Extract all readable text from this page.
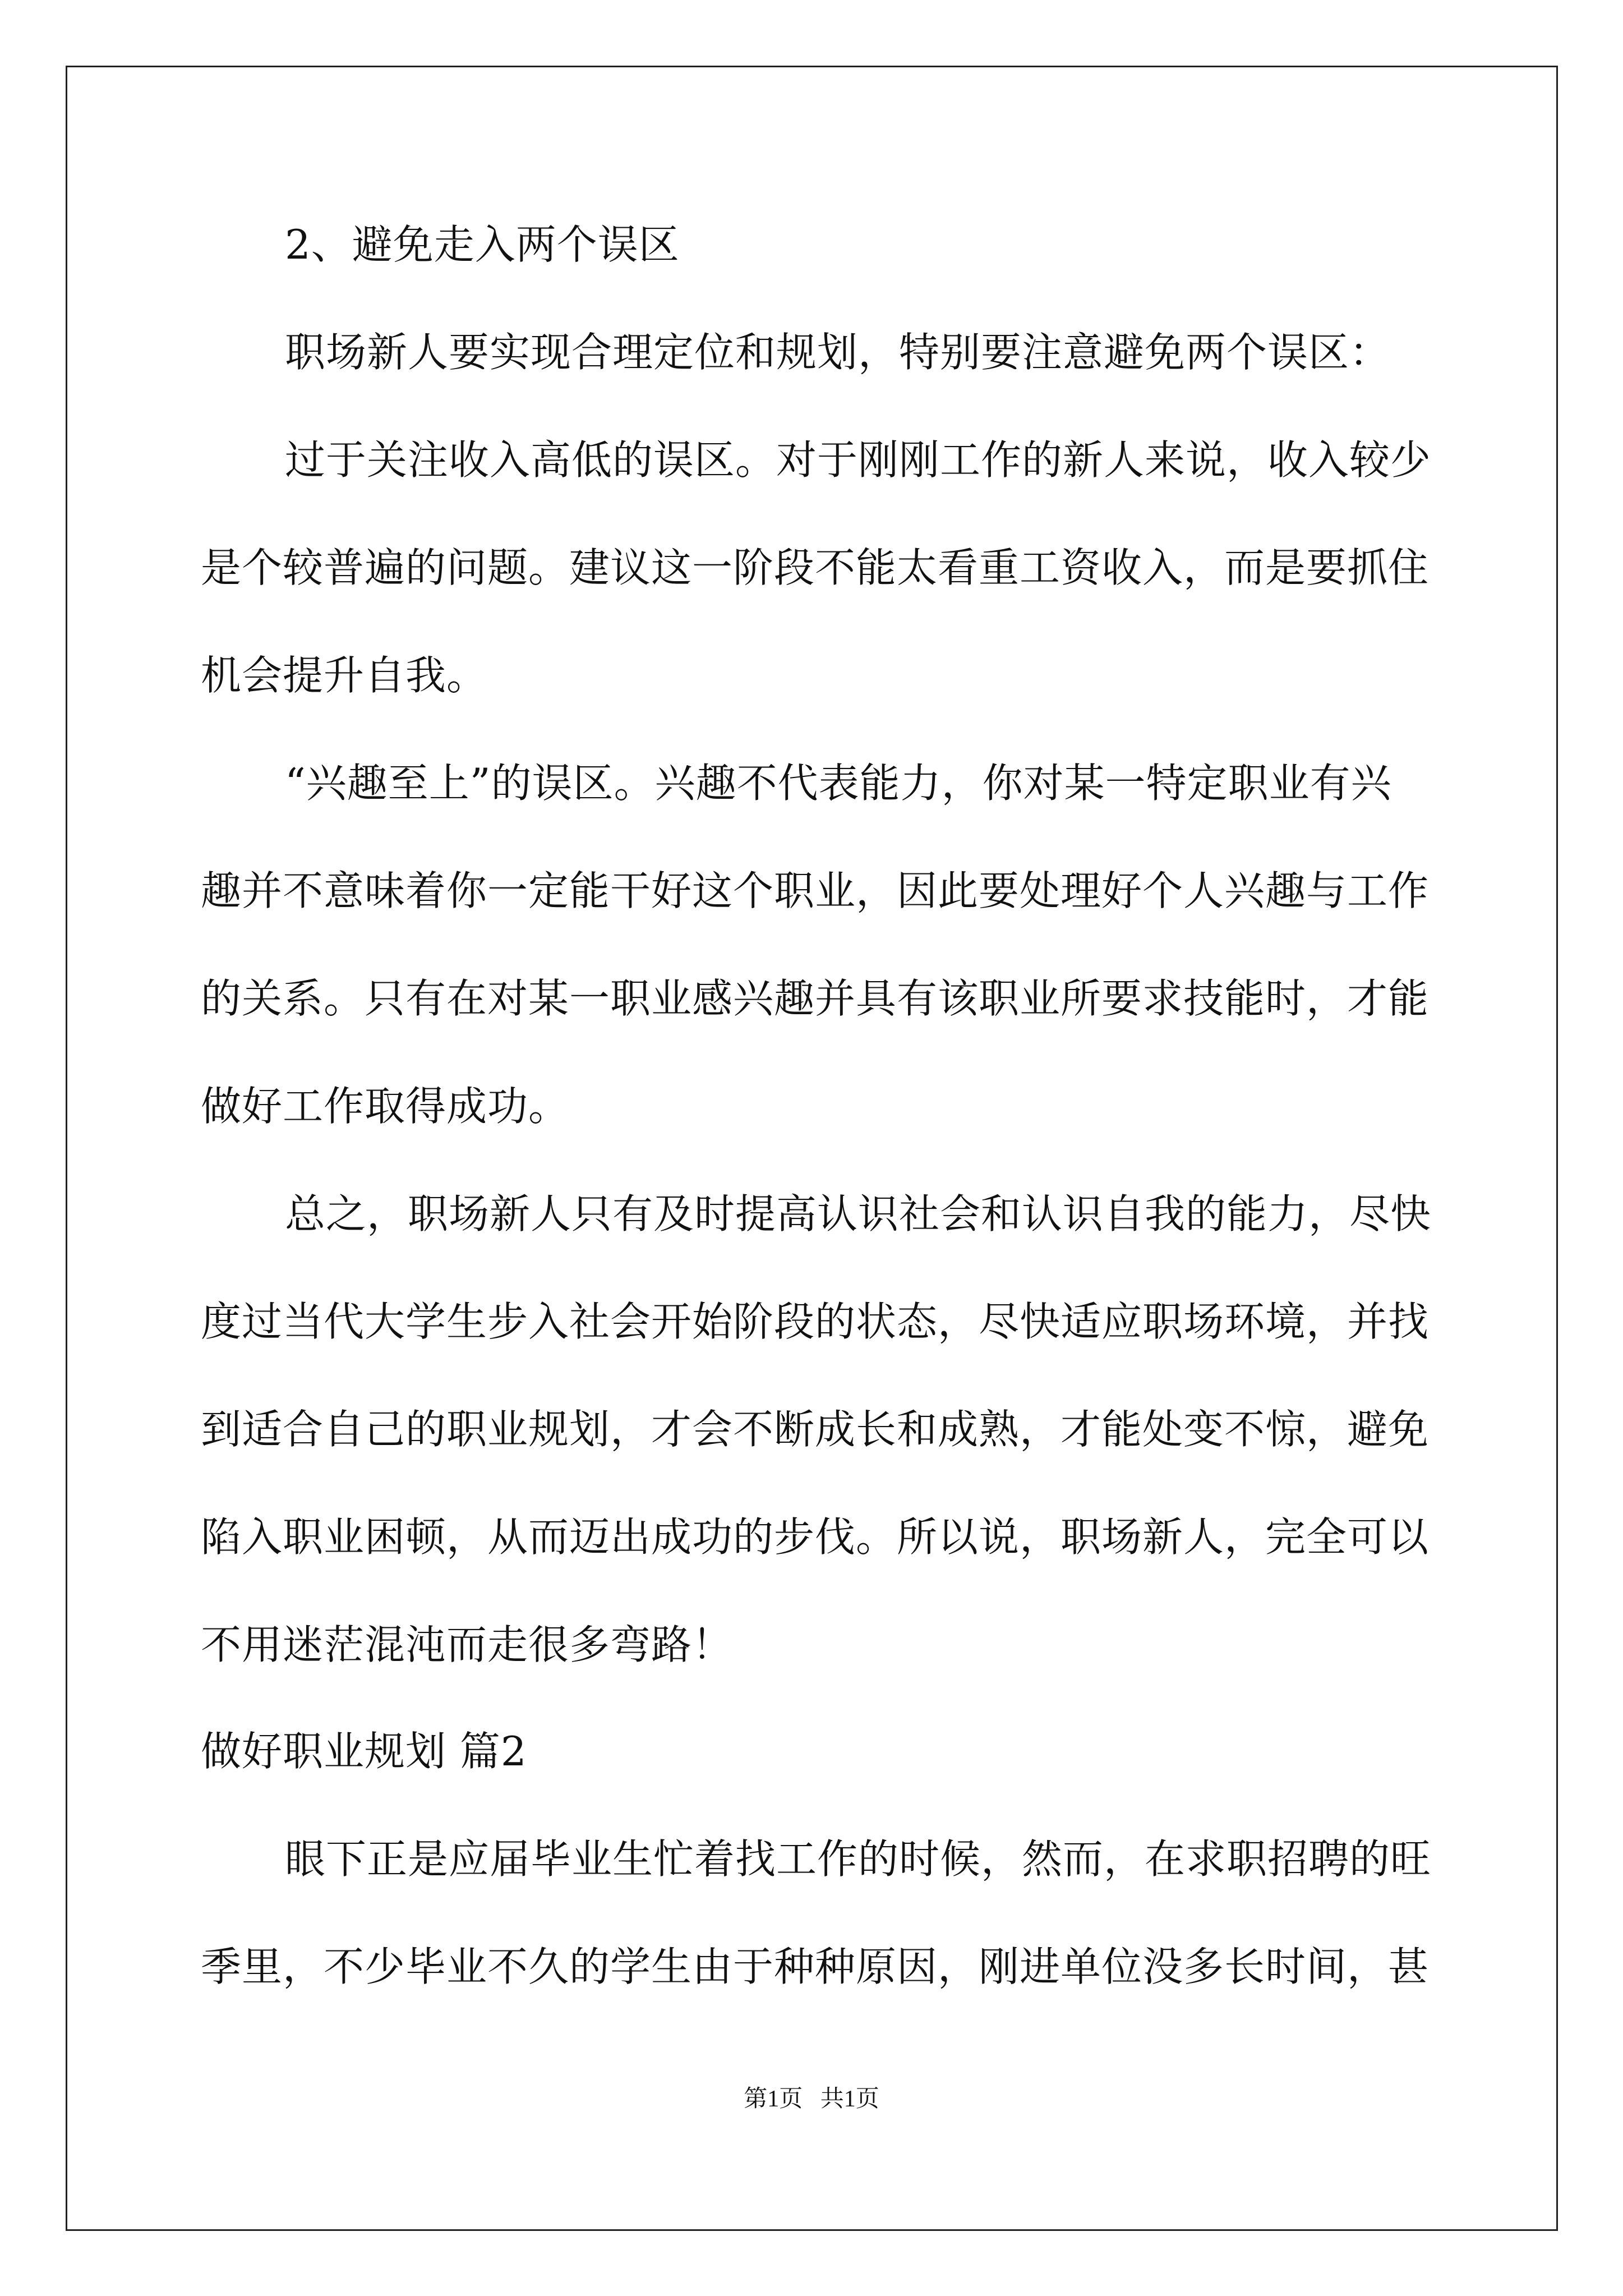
2、避免走入两个误区
职场新人要实现合理定位和规划，特别要注意避免两个误区：
过于关注收入高低的误区。对于刚刚工作的新人来说，收入较少
是个较普遍的问题。建议这一阶段不能太看重工资收入，而是要抓住
机会提升自我。
“兴趣至上”的误区。兴趣不代表能力，你对某一特定职业有兴
趣并不意味着你一定能干好这个职业，因此要处理好个人兴趣与工作
的关系。只有在对某一职业感兴趣并具有该职业所要求技能时，才能
做好工作取得成功。
总之，职场新人只有及时提高认识社会和认识自我的能力，尽快
度过当代大学生步入社会开始阶段的状态，尽快适应职场环境，并找
到适合自己的职业规划，才会不断成长和成熟，才能处变不惊，避免
陷入职业困顿，从而迈出成功的步伐。所以说，职场新人，完全可以
不用迷茫混沌而走很多弯路！
做好职业规划 篇2
眼下正是应届毕业生忙着找工作的时候，然而，在求职招聘的旺
季里，不少毕业不久的学生由于种种原因，刚进单位没多长时间，甚
第1页 共1页
